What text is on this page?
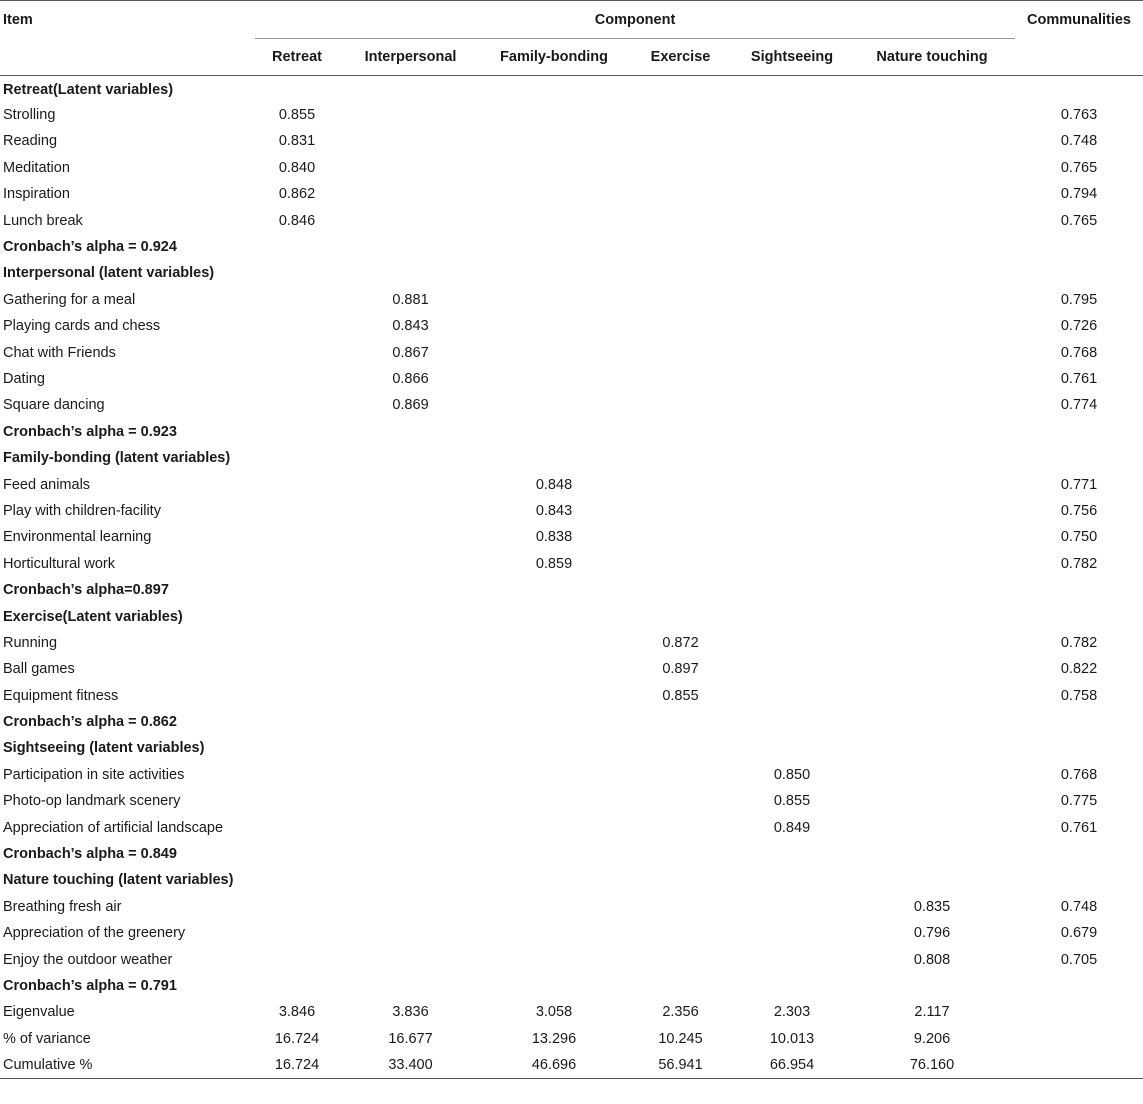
Item	Component						Communalities
	Retreat	Interpersonal	Family-bonding	Exercise	Sightseeing	Nature touching	
Retreat(Latent variables)							
Strolling	0.855						0.763
Reading	0.831						0.748
Meditation	0.840						0.765
Inspiration	0.862						0.794
Lunch break	0.846						0.765
Cronbach’s alpha = 0.924							
Interpersonal (latent variables)							
Gathering for a meal		0.881					0.795
Playing cards and chess		0.843					0.726
Chat with Friends		0.867					0.768
Dating		0.866					0.761
Square dancing		0.869					0.774
Cronbach’s alpha = 0.923							
Family-bonding (latent variables)							
Feed animals			0.848				0.771
Play with children-facility			0.843				0.756
Environmental learning			0.838				0.750
Horticultural work			0.859				0.782
Cronbach’s alpha=0.897							
Exercise(Latent variables)							
Running				0.872			0.782
Ball games				0.897			0.822
Equipment fitness				0.855			0.758
Cronbach’s alpha = 0.862							
Sightseeing (latent variables)							
Participation in site activities					0.850		0.768
Photo-op landmark scenery					0.855		0.775
Appreciation of artificial landscape					0.849		0.761
Cronbach’s alpha = 0.849							
Nature touching (latent variables)							
Breathing fresh air						0.835	0.748
Appreciation of the greenery						0.796	0.679
Enjoy the outdoor weather						0.808	0.705
Cronbach’s alpha = 0.791							
Eigenvalue	3.846	3.836	3.058	2.356	2.303	2.117	
% of variance	16.724	16.677	13.296	10.245	10.013	9.206	
Cumulative %	16.724	33.400	46.696	56.941	66.954	76.160	
